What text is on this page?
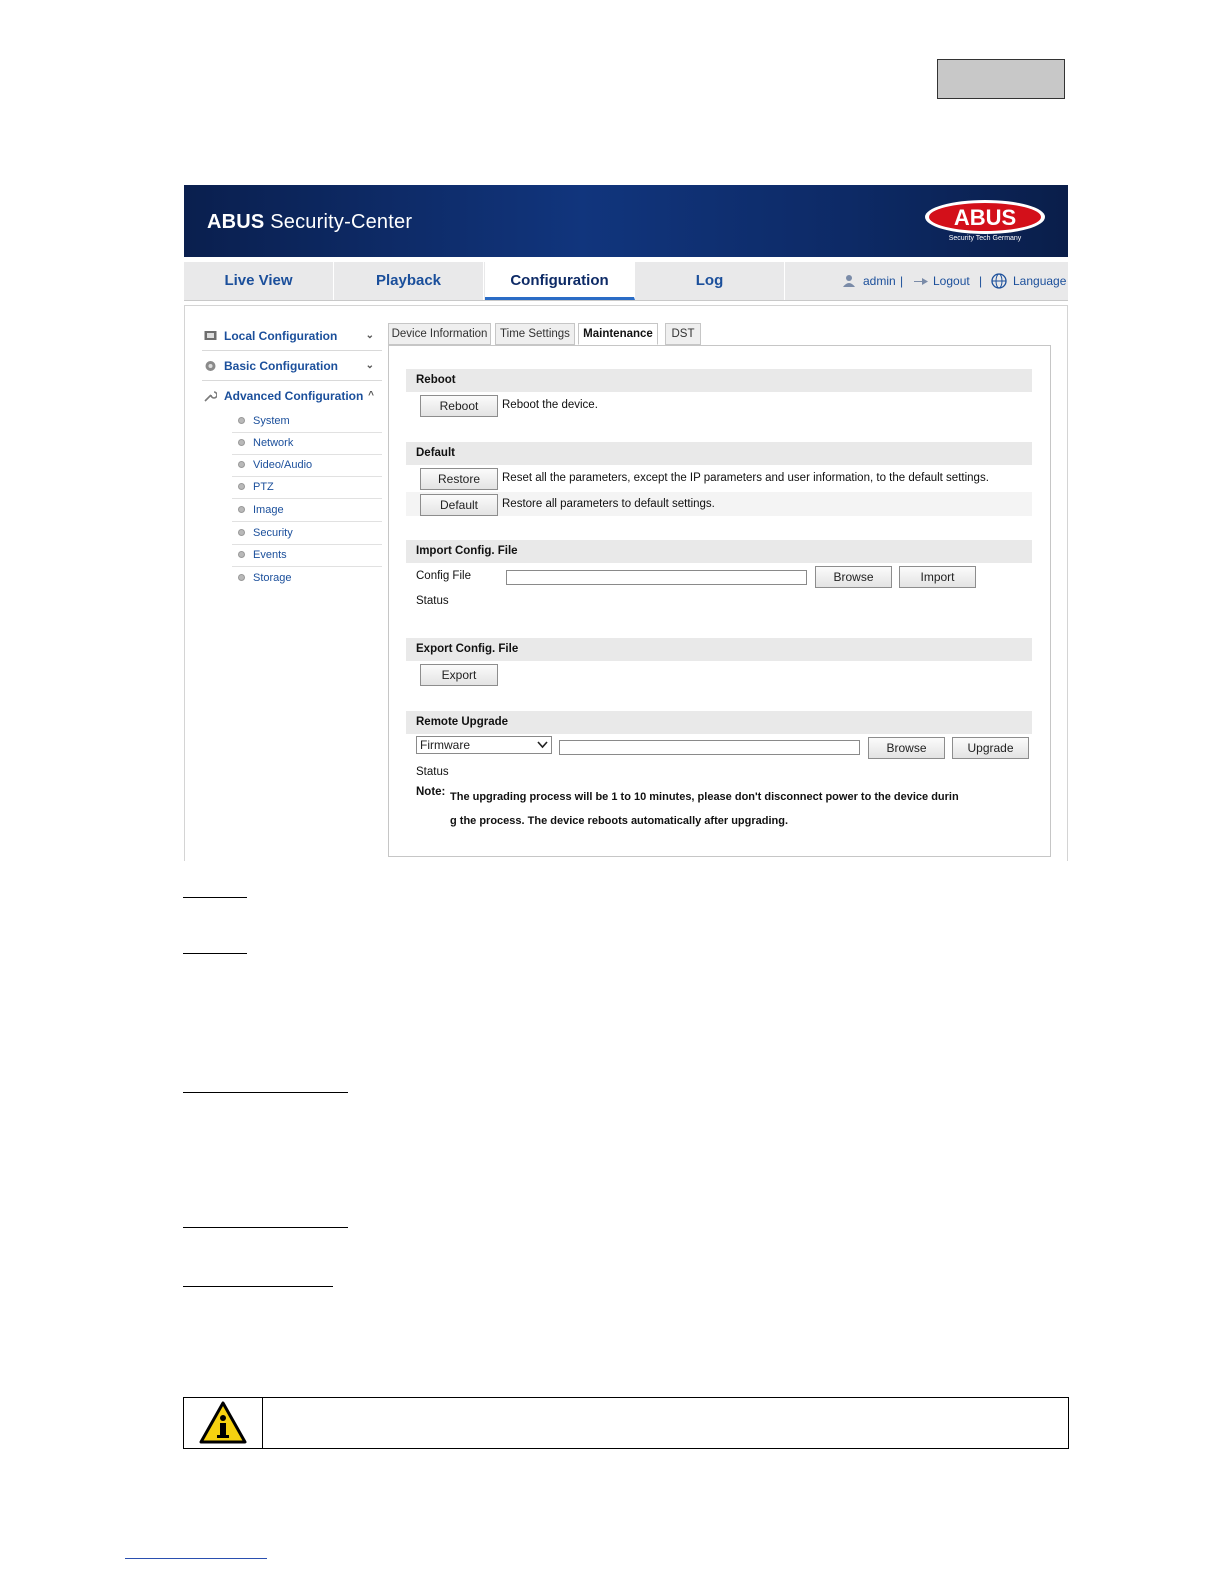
ABUS Security-Center	ABUS
Security Tech Germany
Live View	Playback	Configuration	Log	admin | Logout |	Language
Local Configuration	⌄
Basic Configuration	⌄
Advanced Configuration ^
System
Network
Video/Audio
PTZ
Image
Security
Events
Storage
Device Information	Time Settings	Maintenance	DST
Reboot
Reboot	Reboot the device.
Default
Restore	Reset all the parameters, except the IP parameters and user information, to the default settings.
Default	Restore all parameters to default settings.
Import Config. File
Config File	Browse	Import
Status
Export Config. File
Export
Remote Upgrade
Firmware	Browse	Upgrade
Status
Note: The upgrading process will be 1 to 10 minutes, please don't disconnect power to the device durin
g the process. The device reboots automatically after upgrading.
